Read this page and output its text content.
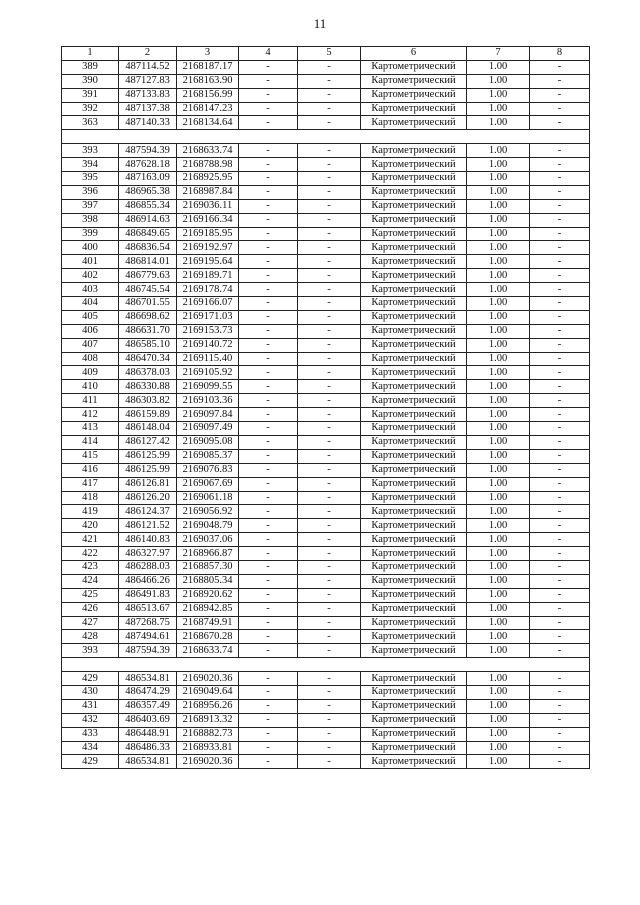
11
1	2	3	4	5	6	7	8
389	487114.52	2168187.17	-	-	Картометрический	1.00	-
390	487127.83	2168163.90	-	-	Картометрический	1.00	-
391	487133.83	2168156.99	-	-	Картометрический	1.00	-
392	487137.38	2168147.23	-	-	Картометрический	1.00	-
363	487140.33	2168134.64	-	-	Картометрический	1.00	-

393	487594.39	2168633.74	-	-	Картометрический	1.00	-
394	487628.18	2168788.98	-	-	Картометрический	1.00	-
395	487163.09	2168925.95	-	-	Картометрический	1.00	-
396	486965.38	2168987.84	-	-	Картометрический	1.00	-
397	486855.34	2169036.11	-	-	Картометрический	1.00	-
398	486914.63	2169166.34	-	-	Картометрический	1.00	-
399	486849.65	2169185.95	-	-	Картометрический	1.00	-
400	486836.54	2169192.97	-	-	Картометрический	1.00	-
401	486814.01	2169195.64	-	-	Картометрический	1.00	-
402	486779.63	2169189.71	-	-	Картометрический	1.00	-
403	486745.54	2169178.74	-	-	Картометрический	1.00	-
404	486701.55	2169166.07	-	-	Картометрический	1.00	-
405	486698.62	2169171.03	-	-	Картометрический	1.00	-
406	486631.70	2169153.73	-	-	Картометрический	1.00	-
407	486585.10	2169140.72	-	-	Картометрический	1.00	-
408	486470.34	2169115.40	-	-	Картометрический	1.00	-
409	486378.03	2169105.92	-	-	Картометрический	1.00	-
410	486330.88	2169099.55	-	-	Картометрический	1.00	-
411	486303.82	2169103.36	-	-	Картометрический	1.00	-
412	486159.89	2169097.84	-	-	Картометрический	1.00	-
413	486148.04	2169097.49	-	-	Картометрический	1.00	-
414	486127.42	2169095.08	-	-	Картометрический	1.00	-
415	486125.99	2169085.37	-	-	Картометрический	1.00	-
416	486125.99	2169076.83	-	-	Картометрический	1.00	-
417	486126.81	2169067.69	-	-	Картометрический	1.00	-
418	486126.20	2169061.18	-	-	Картометрический	1.00	-
419	486124.37	2169056.92	-	-	Картометрический	1.00	-
420	486121.52	2169048.79	-	-	Картометрический	1.00	-
421	486140.83	2169037.06	-	-	Картометрический	1.00	-
422	486327.97	2168966.87	-	-	Картометрический	1.00	-
423	486288.03	2168857.30	-	-	Картометрический	1.00	-
424	486466.26	2168805.34	-	-	Картометрический	1.00	-
425	486491.83	2168920.62	-	-	Картометрический	1.00	-
426	486513.67	2168942.85	-	-	Картометрический	1.00	-
427	487268.75	2168749.91	-	-	Картометрический	1.00	-
428	487494.61	2168670.28	-	-	Картометрический	1.00	-
393	487594.39	2168633.74	-	-	Картометрический	1.00	-

429	486534.81	2169020.36	-	-	Картометрический	1.00	-
430	486474.29	2169049.64	-	-	Картометрический	1.00	-
431	486357.49	2168956.26	-	-	Картометрический	1.00	-
432	486403.69	2168913.32	-	-	Картометрический	1.00	-
433	486448.91	2168882.73	-	-	Картометрический	1.00	-
434	486486.33	2168933.81	-	-	Картометрический	1.00	-
429	486534.81	2169020.36	-	-	Картометрический	1.00	-
